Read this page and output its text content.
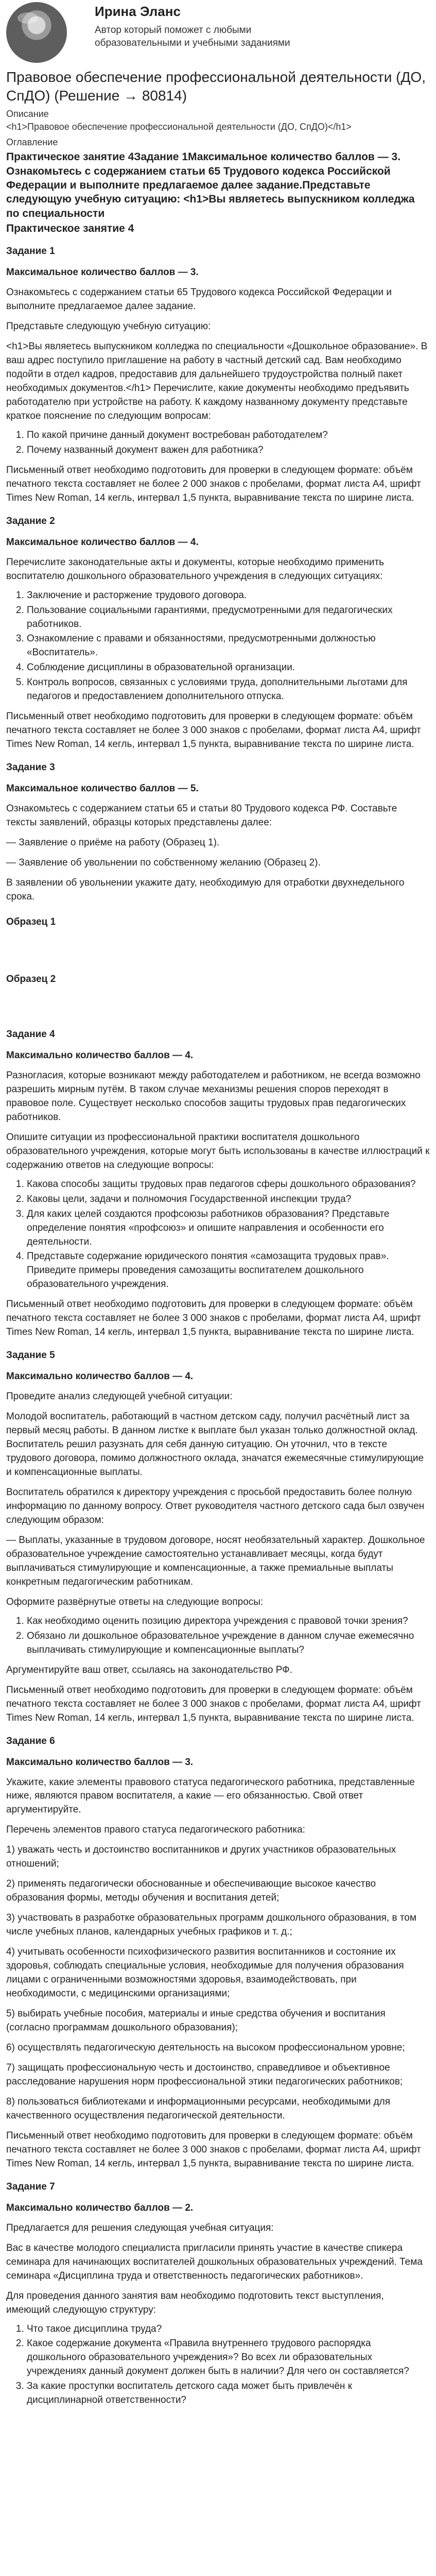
Ирина Эланс
Автор который поможет с любыми образовательными и учебными заданиями
Правовое обеспечение профессиональной деятельности (ДО, СпДО) (Решение → 80814)
Описание
<h1>Правовое обеспечение профессиональной деятельности (ДО, СпДО)</h1>
Оглавление
Практическое занятие 4Задание 1Максимальное количество баллов — 3. Ознакомьтесь с содержанием статьи 65 Трудового кодекса Российской Федерации и выполните предлагаемое далее задание.Представьте следующую учебную ситуацию: <h1>Вы являетесь выпускником колледжа по специальности
Практическое занятие 4
Задание 1
Максимальное количество баллов — 3.

Ознакомьтесь с содержанием статьи 65 Трудового кодекса Российской Федерации и выполните предлагаемое далее задание.

Представьте следующую учебную ситуацию:

<h1>Вы являетесь выпускником колледжа по специальности «Дошкольное образование». В ваш адрес поступило приглашение на работу в частный детский сад. Вам необходимо подойти в отдел кадров, предоставив для дальнейшего трудоустройства полный пакет необходимых документов.</h1> Перечислите, какие документы необходимо предъявить работодателю при устройстве на работу. К каждому названному документу представьте краткое пояснение по следующим вопросам:

1. По какой причине данный документ востребован работодателем?
2. Почему названный документ важен для работника?

Письменный ответ необходимо подготовить для проверки в следующем формате: объём печатного текста составляет не более 2 000 знаков с пробелами, формат листа А4, шрифт Times New Roman, 14 кегль, интервал 1,5 пункта, выравнивание текста по ширине листа.

Задание 2
Максимальное количество баллов — 4.

Перечислите законодательные акты и документы, которые необходимо применить воспитателю дошкольного образовательного учреждения в следующих ситуациях:

1. Заключение и расторжение трудового договора.
2. Пользование социальными гарантиями, предусмотренными для педагогических работников.
3. Ознакомление с правами и обязанностями, предусмотренными должностью «Воспитатель».
4. Соблюдение дисциплины в образовательной организации.
5. Контроль вопросов, связанных с условиями труда, дополнительными льготами для педагогов и предоставлением дополнительного отпуска.

Письменный ответ необходимо подготовить для проверки в следующем формате: объём печатного текста составляет не более 3 000 знаков с пробелами, формат листа А4, шрифт Times New Roman, 14 кегль, интервал 1,5 пункта, выравнивание текста по ширине листа.

Задание 3
Максимальное количество баллов — 5.

Ознакомьтесь с содержанием статьи 65 и статьи 80 Трудового кодекса РФ. Составьте тексты заявлений, образцы которых представлены далее:

— Заявление о приёме на работу (Образец 1).

— Заявление об увольнении по собственному желанию (Образец 2).

В заявлении об увольнении укажите дату, необходимую для отработки двухнедельного срока.

Образец 1
Образец 2
Задание 4
Максимально количество баллов — 4.

Разногласия, которые возникают между работодателем и работником, не всегда возможно разрешить мирным путём. В таком случае механизмы решения споров переходят в правовое поле. Существует несколько способов защиты трудовых прав педагогических работников.

Опишите ситуации из профессиональной практики воспитателя дошкольного образовательного учреждения, которые могут быть использованы в качестве иллюстраций к содержанию ответов на следующие вопросы:

1. Какова способы защиты трудовых прав педагогов сферы дошкольного образования?
2. Каковы цели, задачи и полномочия Государственной инспекции труда?
3. Для каких целей создаются профсоюзы работников образования? Представьте определение понятия «профсоюз» и опишите направления и особенности его деятельности.
4. Представьте содержание юридического понятия «самозащита трудовых прав». Приведите примеры проведения самозащиты воспитателем дошкольного образовательного учреждения.

Письменный ответ необходимо подготовить для проверки в следующем формате: объём печатного текста составляет не более 3 000 знаков с пробелами, формат листа А4, шрифт Times New Roman, 14 кегль, интервал 1,5 пункта, выравнивание текста по ширине листа.

Задание 5
Максимально количество баллов — 4.

Проведите анализ следующей учебной ситуации:

Молодой воспитатель, работающий в частном детском саду, получил расчётный лист за первый месяц работы. В данном листке к выплате был указан только должностной оклад. Воспитатель решил разузнать для себя данную ситуацию. Он уточнил, что в тексте трудового договора, помимо должностного оклада, значатся ежемесячные стимулирующие и компенсационные выплаты.

Воспитатель обратился к директору учреждения с просьбой предоставить более полную информацию по данному вопросу. Ответ руководителя частного детского сада был озвучен следующим образом:

— Выплаты, указанные в трудовом договоре, носят необязательный характер. Дошкольное образовательное учреждение самостоятельно устанавливает месяцы, когда будут выплачиваться стимулирующие и компенсационные, а также премиальные выплаты конкретным педагогическим работникам.

Оформите развёрнутые ответы на следующие вопросы:

1. Как необходимо оценить позицию директора учреждения с правовой точки зрения?
2. Обязано ли дошкольное образовательное учреждение в данном случае ежемесячно выплачивать стимулирующие и компенсационные выплаты?

Аргументируйте ваш ответ, ссылаясь на законодательство РФ.

Письменный ответ необходимо подготовить для проверки в следующем формате: объём печатного текста составляет не более 3 000 знаков с пробелами, формат листа А4, шрифт Times New Roman, 14 кегль, интервал 1,5 пункта, выравнивание текста по ширине листа.

Задание 6
Максимально количество баллов — 3.

Укажите, какие элементы правового статуса педагогического работника, представленные ниже, являются правом воспитателя, а какие — его обязанностью. Свой ответ аргументируйте.

Перечень элементов правого статуса педагогического работника:

1) уважать честь и достоинство воспитанников и других участников образовательных отношений;

2) применять педагогически обоснованные и обеспечивающие высокое качество образования формы, методы обучения и воспитания детей;

3) участвовать в разработке образовательных программ дошкольного образования, в том числе учебных планов, календарных учебных графиков и т. д.;

4) учитывать особенности психофизического развития воспитанников и состояние их здоровья, соблюдать специальные условия, необходимые для получения образования лицами с ограниченными возможностями здоровья, взаимодействовать, при необходимости, с медицинскими организациями;

5) выбирать учебные пособия, материалы и иные средства обучения и воспитания (согласно программам дошкольного образования);

6) осуществлять педагогическую деятельность на высоком профессиональном уровне;

7) защищать профессиональную честь и достоинство, справедливое и объективное расследование нарушения норм профессиональной этики педагогических работников;

8) пользоваться библиотеками и информационными ресурсами, необходимыми для качественного осуществления педагогической деятельности.

Письменный ответ необходимо подготовить для проверки в следующем формате: объём печатного текста составляет не более 3 000 знаков с пробелами, формат листа А4, шрифт Times New Roman, 14 кегль, интервал 1,5 пункта, выравнивание текста по ширине листа.

Задание 7
Максимально количество баллов — 2.

Предлагается для решения следующая учебная ситуация:

Вас в качестве молодого специалиста пригласили принять участие в качестве спикера семинара для начинающих воспитателей дошкольных образовательных учреждений. Тема семинара «Дисциплина труда и ответственность педагогических работников».

Для проведения данного занятия вам необходимо подготовить текст выступления, имеющий следующую структуру:

1. Что такое дисциплина труда?
2. Какое содержание документа «Правила внутреннего трудового распорядка дошкольного образовательного учреждения»? Во всех ли образовательных учреждениях данный документ должен быть в наличии? Для чего он составляется?
3. За какие проступки воспитатель детского сада может быть привлечён к дисциплинарной ответственности?
